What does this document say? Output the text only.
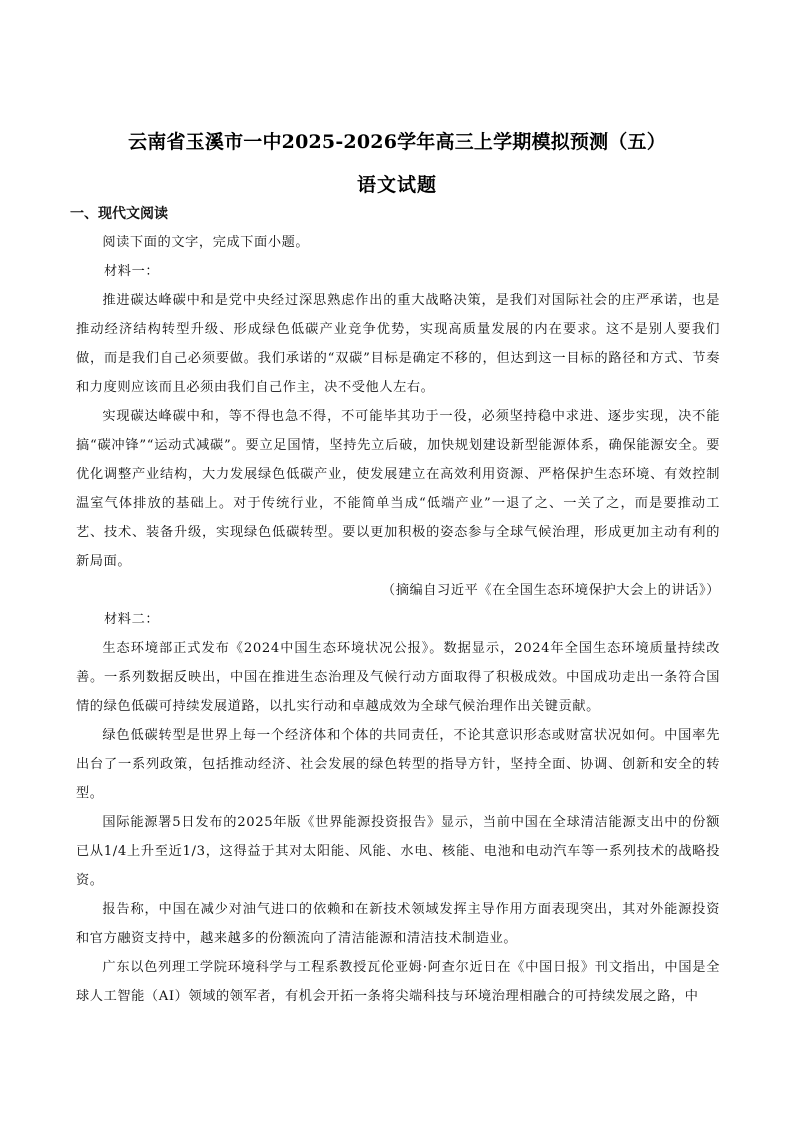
云南省玉溪市一中2025-2026学年高三上学期模拟预测（五）
语文试题
一、现代文阅读

阅读下面的文字，完成下面小题。

材料一：

推进碳达峰碳中和是党中央经过深思熟虑作出的重大战略决策，是我们对国际社会的庄严承诺，也是推动经济结构转型升级、形成绿色低碳产业竞争优势，实现高质量发展的内在要求。这不是别人要我们做，而是我们自己必须要做。我们承诺的“双碳”目标是确定不移的，但达到这一目标的路径和方式、节奏和力度则应该而且必须由我们自己作主，决不受他人左右。

实现碳达峰碳中和，等不得也急不得，不可能毕其功于一役，必须坚持稳中求进、逐步实现，决不能搞“碳冲锋”“运动式减碳”。要立足国情，坚持先立后破，加快规划建设新型能源体系，确保能源安全。要优化调整产业结构，大力发展绿色低碳产业，使发展建立在高效利用资源、严格保护生态环境、有效控制温室气体排放的基础上。对于传统行业，不能简单当成“低端产业”一退了之、一关了之，而是要推动工艺、技术、装备升级，实现绿色低碳转型。要以更加积极的姿态参与全球气候治理，形成更加主动有利的新局面。

（摘编自习近平《在全国生态环境保护大会上的讲话》）

材料二：

生态环境部正式发布《2024中国生态环境状况公报》。数据显示，2024年全国生态环境质量持续改善。一系列数据反映出，中国在推进生态治理及气候行动方面取得了积极成效。中国成功走出一条符合国情的绿色低碳可持续发展道路，以扎实行动和卓越成效为全球气候治理作出关键贡献。

绿色低碳转型是世界上每一个经济体和个体的共同责任，不论其意识形态或财富状况如何。中国率先出台了一系列政策，包括推动经济、社会发展的绿色转型的指导方针，坚持全面、协调、创新和安全的转型。

国际能源署5日发布的2025年版《世界能源投资报告》显示，当前中国在全球清洁能源支出中的份额已从1/4上升至近1/3，这得益于其对太阳能、风能、水电、核能、电池和电动汽车等一系列技术的战略投资。

报告称，中国在减少对油气进口的依赖和在新技术领域发挥主导作用方面表现突出，其对外能源投资和官方融资支持中，越来越多的份额流向了清洁能源和清洁技术制造业。

广东以色列理工学院环境科学与工程系教授瓦伦亚姆·阿查尔近日在《中国日报》刊文指出，中国是全球人工智能（AI）领域的领军者，有机会开拓一条将尖端科技与环境治理相融合的可持续发展之路，中
